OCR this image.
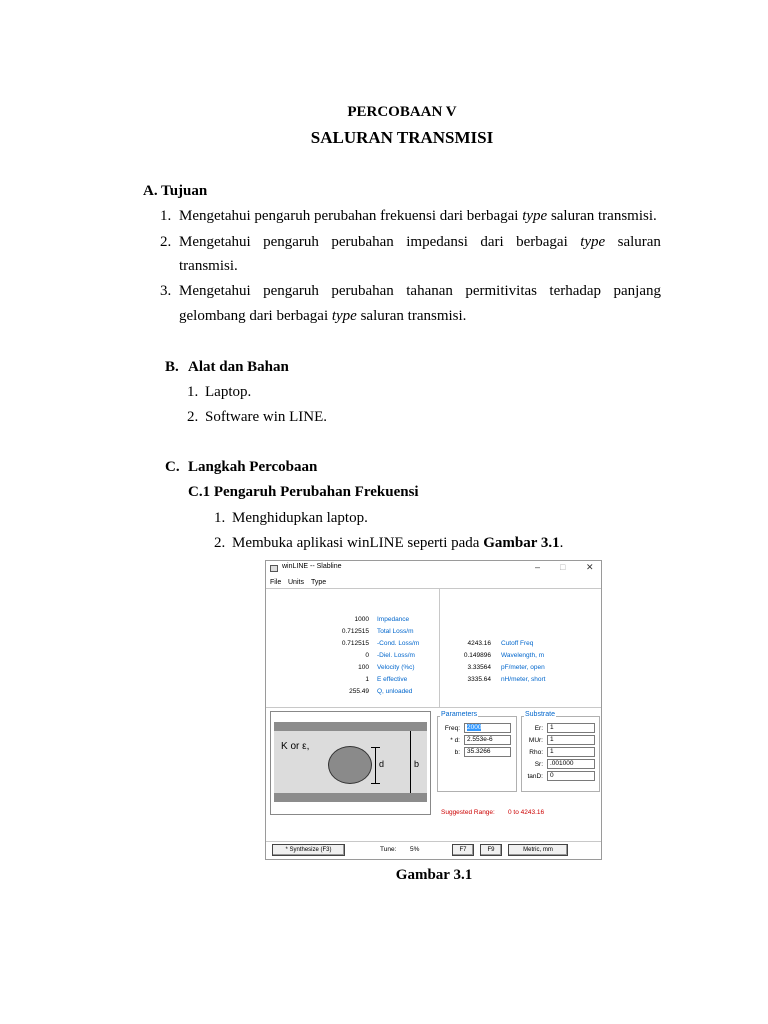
PERCOBAAN V
SALURAN TRANSMISI
A. Tujuan
1. Mengetahui pengaruh perubahan frekuensi dari berbagai type saluran transmisi.
2. Mengetahui pengaruh perubahan impedansi dari berbagai type saluran
transmisi.
3. Mengetahui pengaruh perubahan tahanan permitivitas terhadap panjang
gelombang dari berbagai type saluran transmisi.
B. Alat dan Bahan
1. Laptop.
2. Software win LINE.
C. Langkah Percobaan
C.1 Pengaruh Perubahan Frekuensi
1. Menghidupkan laptop.
2. Membuka aplikasi winLINE seperti pada Gambar 3.1.
winLINE -- Slabline	– □ ✕
File Units Type
1000 Impedance
0.712515 Total Loss/m
0.712515 -Cond. Loss/m
0 -Diel. Loss/m
100 Velocity (%c)
1 E effective
255.49 Q, unloaded
4243.16 Cutoff Freq
0.149896 Wavelength, m
3.33564 pF/meter, open
3335.64 nH/meter, short
K or ε,
d	b
Parameters
Freq:	2000
* d:	2.553e-6
b:	35.3266
Substrate
Er:	1
MUr:	1
Rho:	1
Sr:	.001000
tanD:	0
Suggested Range: 0 to 4243.16
* Synthesize (F3)	Tune: 5%	F7	F9	Metric, mm
Gambar 3.1
